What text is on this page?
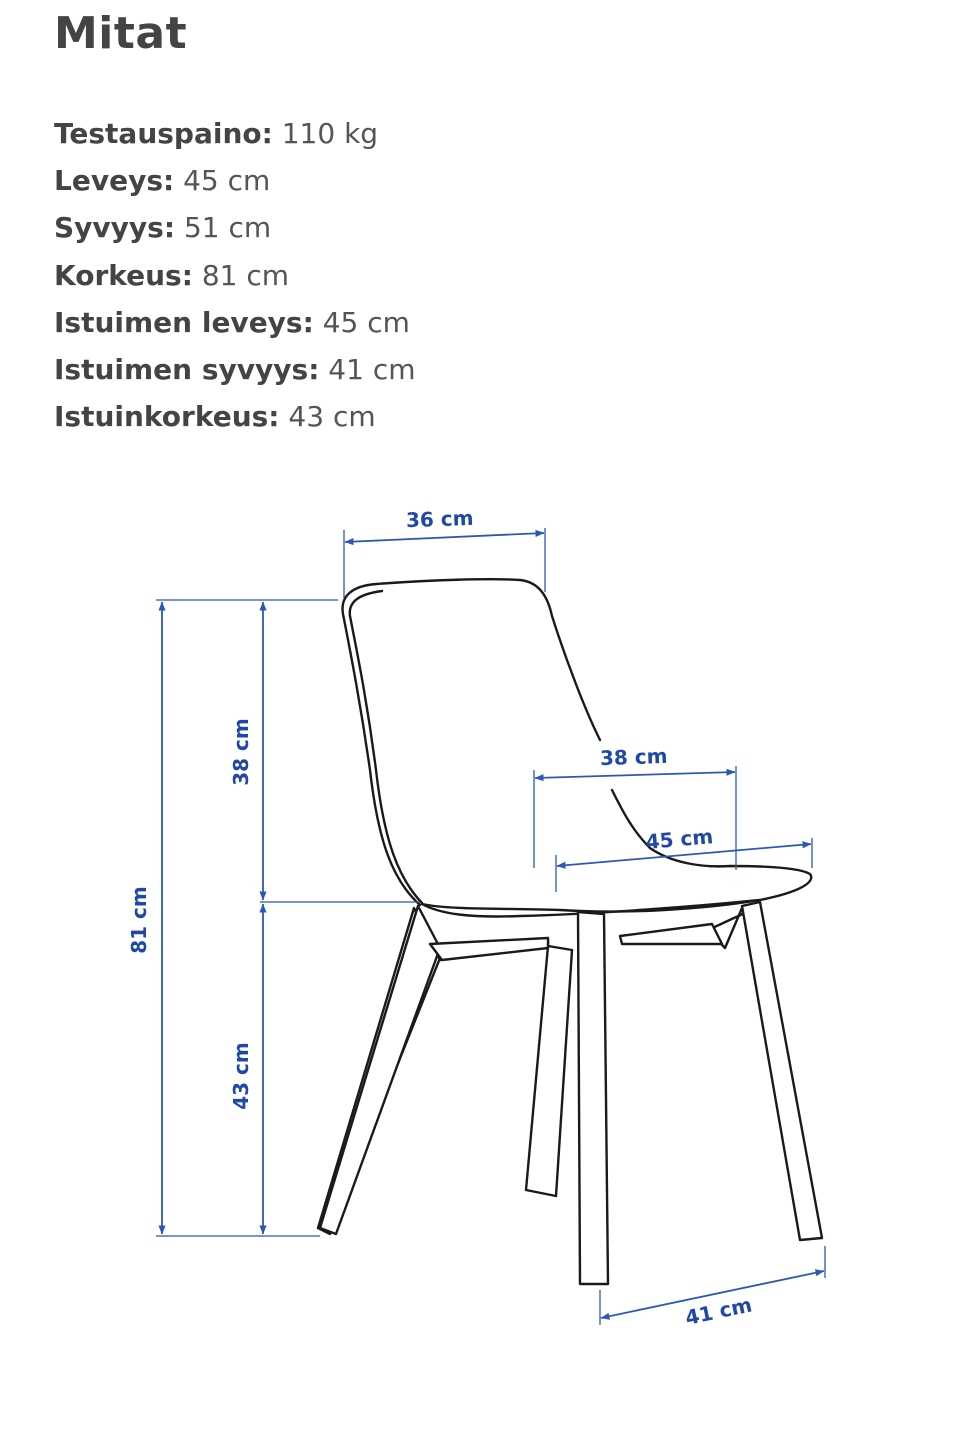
Mitat
Testauspaino: 110 kg
Leveys: 45 cm
Syvyys: 51 cm
Korkeus: 81 cm
Istuimen leveys: 45 cm
Istuimen syvyys: 41 cm
Istuinkorkeus: 43 cm
36 cm
81 cm
38 cm
43 cm
38 cm
45 cm
41 cm
